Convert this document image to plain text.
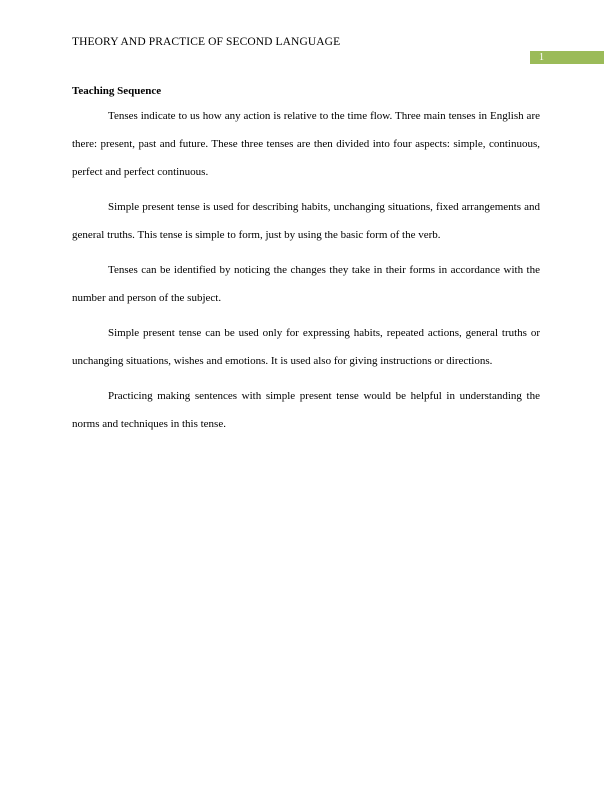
THEORY AND PRACTICE OF SECOND LANGUAGE
1
Teaching Sequence

Tenses indicate to us how any action is relative to the time flow. Three main tenses in English are there: present, past and future. These three tenses are then divided into four aspects: simple, continuous, perfect and perfect continuous.

Simple present tense is used for describing habits, unchanging situations, fixed arrangements and general truths. This tense is simple to form, just by using the basic form of the verb.

Tenses can be identified by noticing the changes they take in their forms in accordance with the number and person of the subject.

Simple present tense can be used only for expressing habits, repeated actions, general truths or unchanging situations, wishes and emotions. It is used also for giving instructions or directions.

Practicing making sentences with simple present tense would be helpful in understanding the norms and techniques in this tense.
